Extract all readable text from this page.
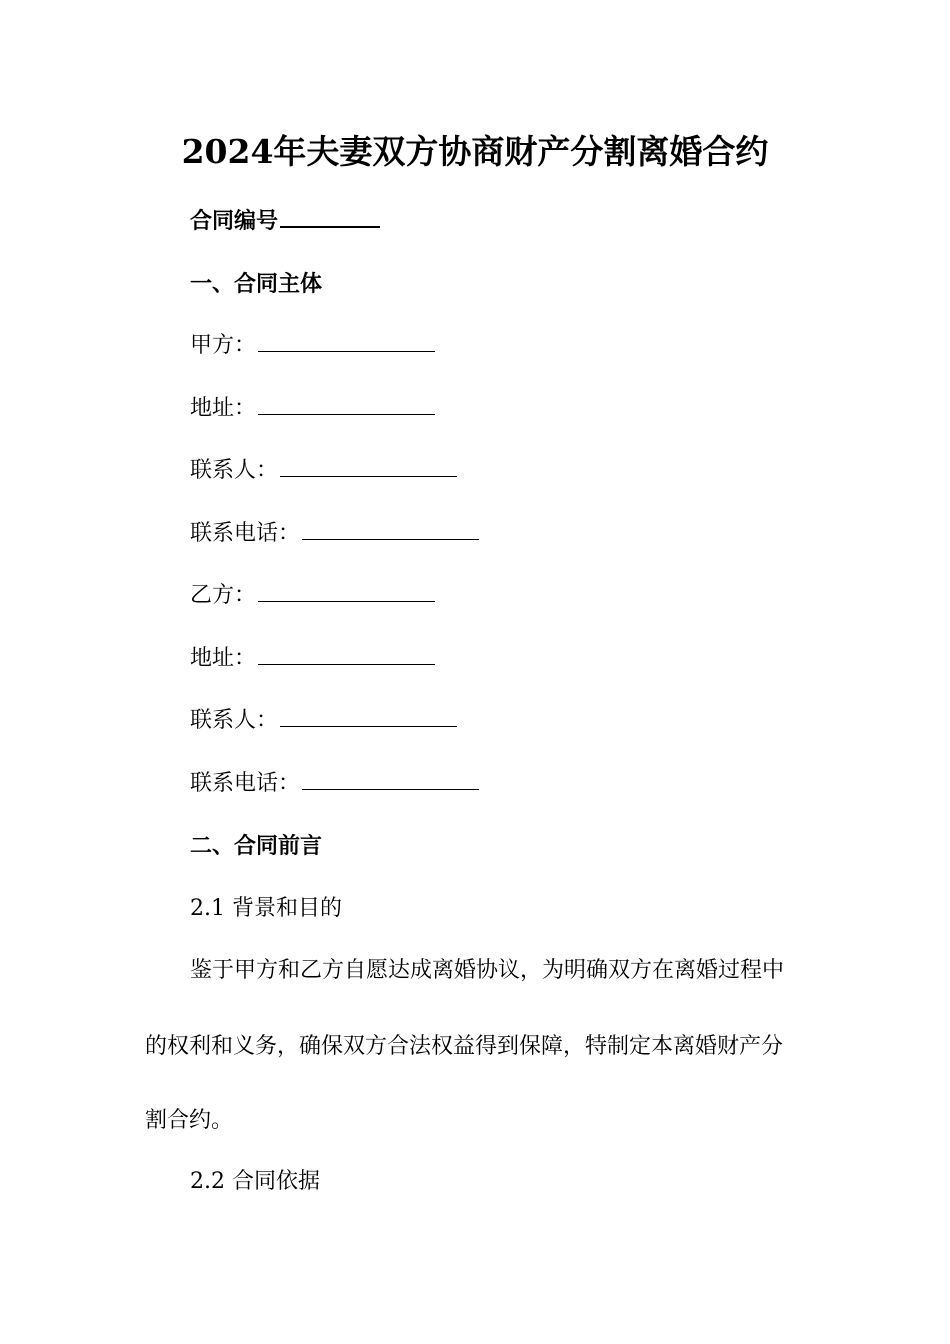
2024年夫妻双方协商财产分割离婚合约
合同编号
一、合同主体
甲方：
地址：
联系人：
联系电话：
乙方：
地址：
联系人：
联系电话：
二、合同前言
2.1 背景和目的
鉴于甲方和乙方自愿达成离婚协议，为明确双方在离婚过程中
的权利和义务，确保双方合法权益得到保障，特制定本离婚财产分
割合约。
2.2 合同依据
